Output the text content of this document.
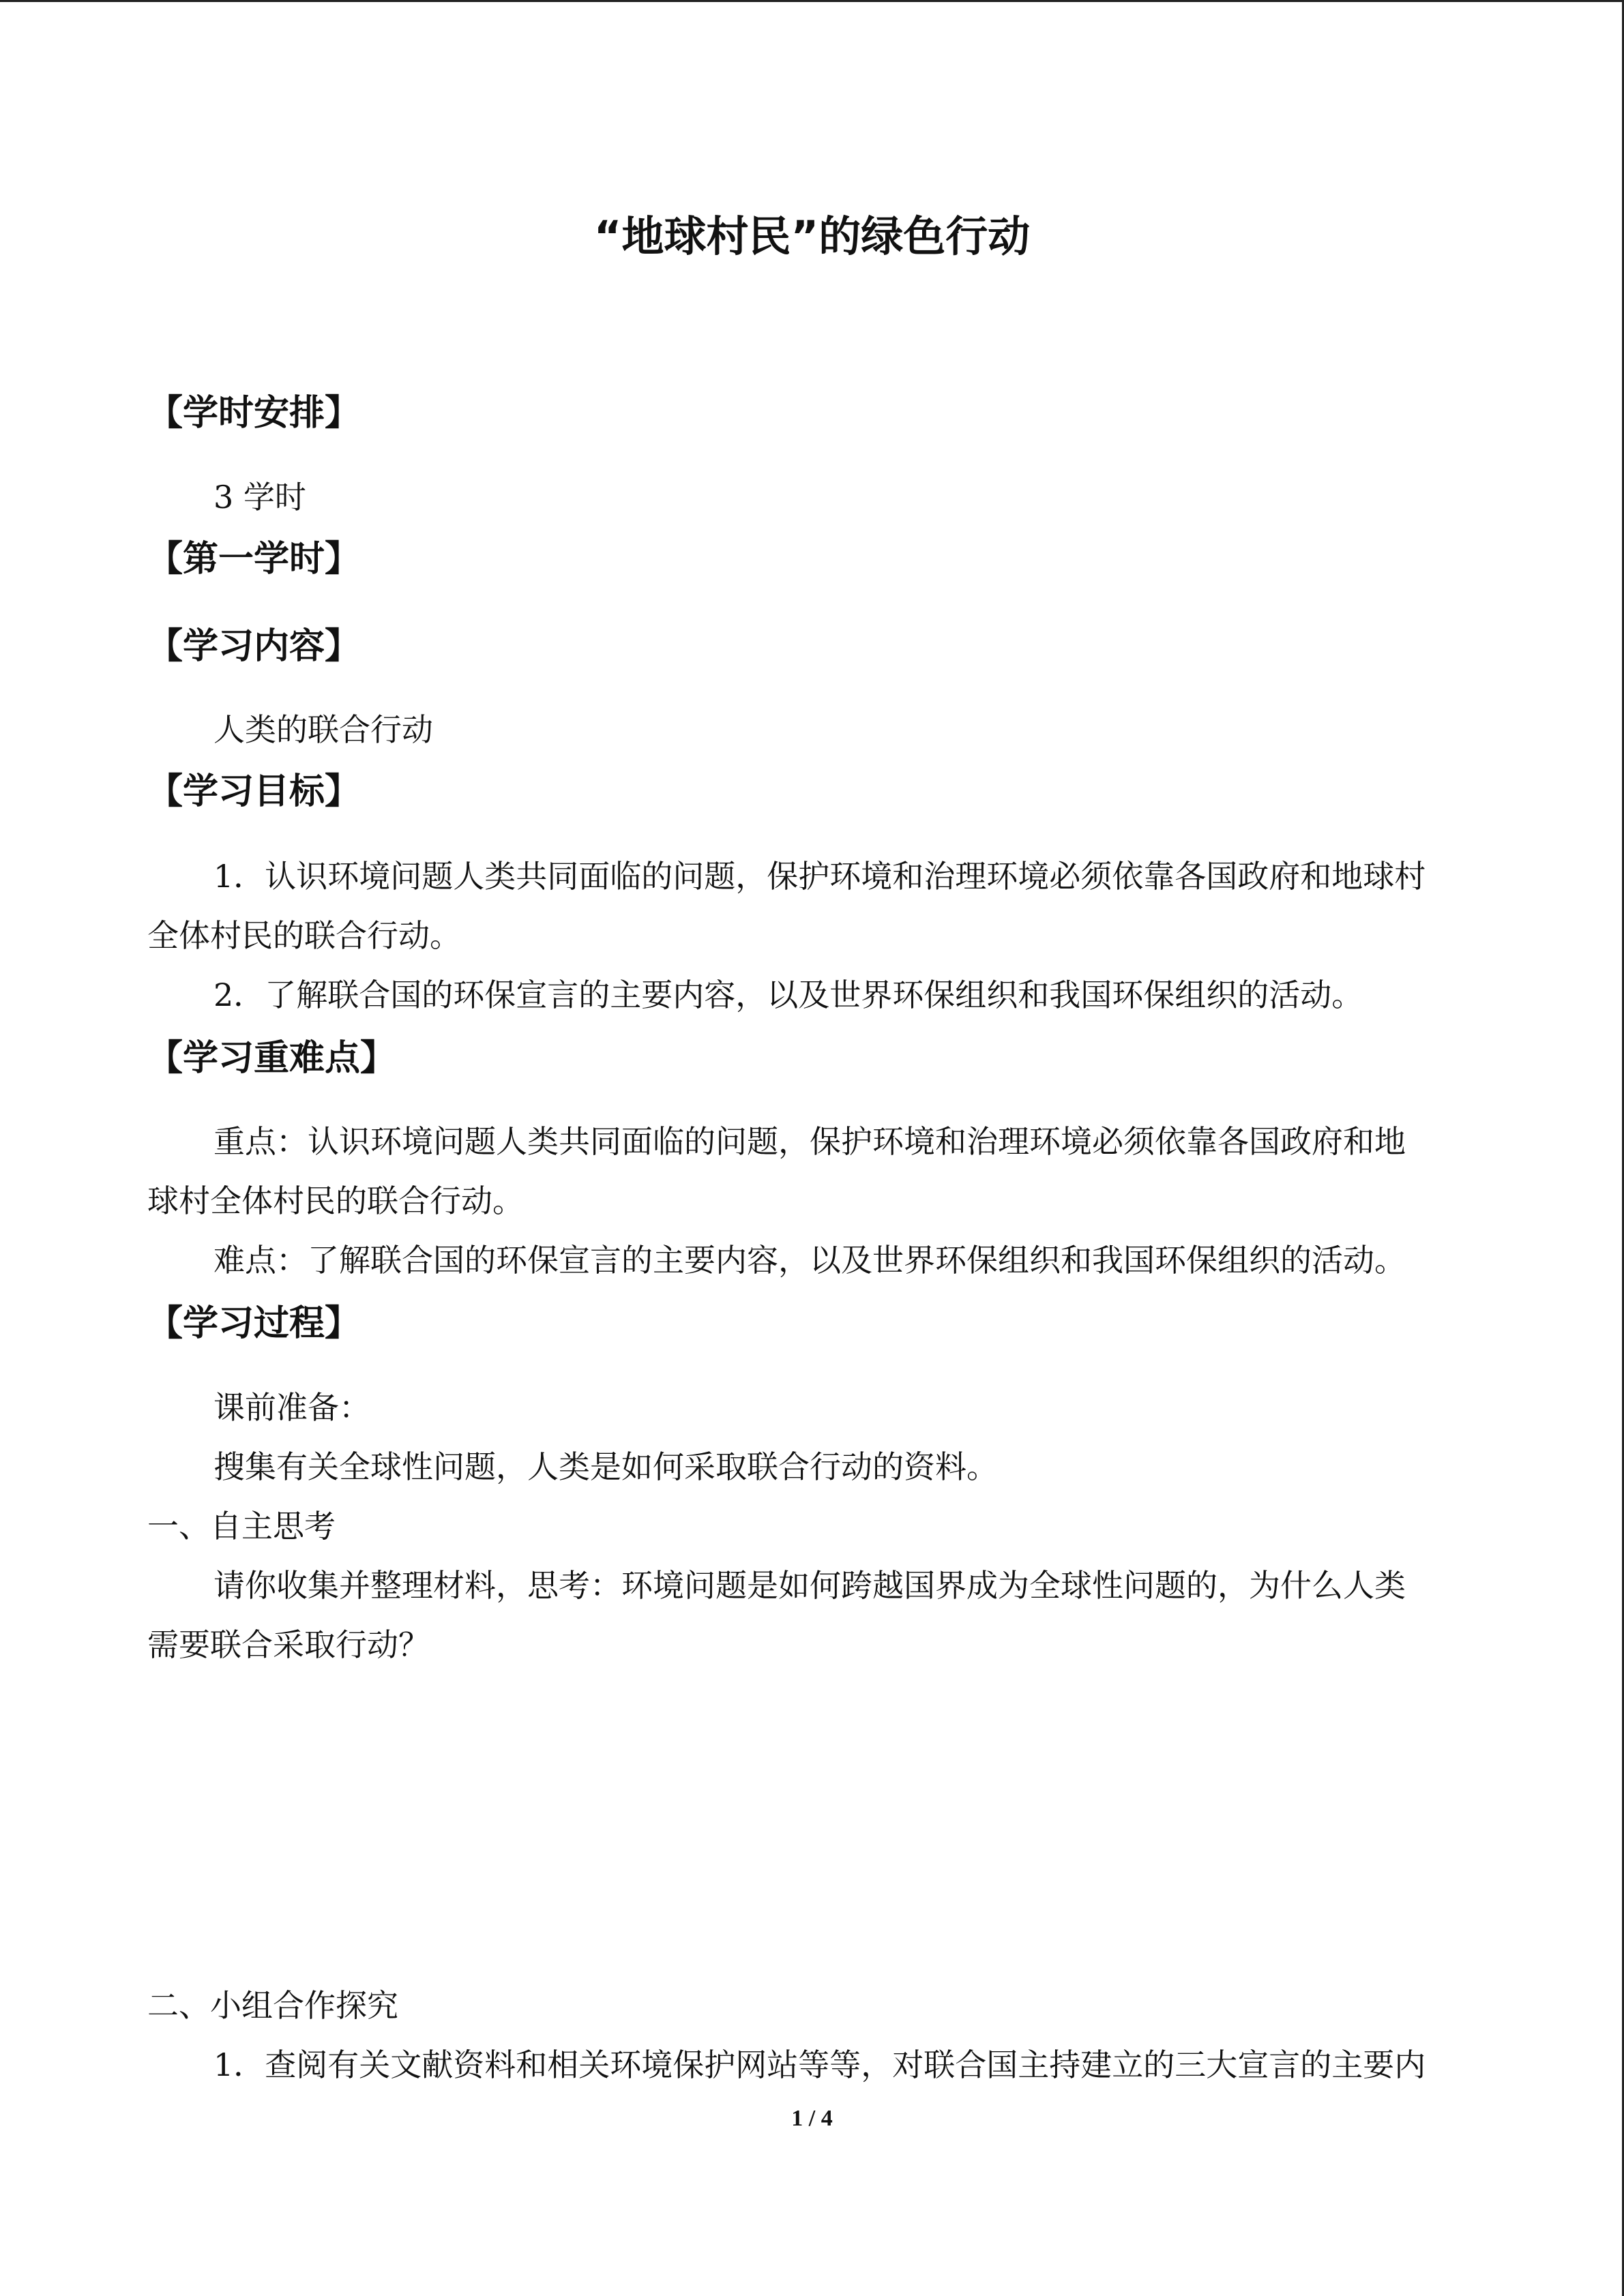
“地球村民”的绿色行动
【学时安排】
3 学时
【第一学时】
【学习内容】
人类的联合行动
【学习目标】
1．认识环境问题人类共同面临的问题，保护环境和治理环境必须依靠各国政府和地球村
全体村民的联合行动。
2．了解联合国的环保宣言的主要内容，以及世界环保组织和我国环保组织的活动。
【学习重难点】
重点：认识环境问题人类共同面临的问题，保护环境和治理环境必须依靠各国政府和地
球村全体村民的联合行动。
难点：了解联合国的环保宣言的主要内容，以及世界环保组织和我国环保组织的活动。
【学习过程】
课前准备：
搜集有关全球性问题，人类是如何采取联合行动的资料。
一、自主思考
请你收集并整理材料，思考：环境问题是如何跨越国界成为全球性问题的，为什么人类
需要联合采取行动？
二、小组合作探究
1．查阅有关文献资料和相关环境保护网站等等，对联合国主持建立的三大宣言的主要内
1 / 4
